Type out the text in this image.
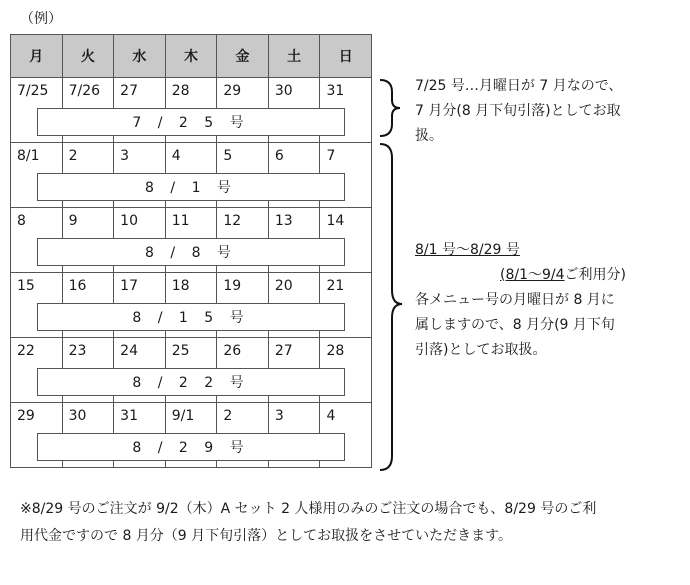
（例）
月	火	水	木	金	土	日

7/25	7/26	27	28	29	30	31
7 / 2 5 号

8/1	2	3	4	5	6	7
8 / 1 号

8	9	10	11	12	13	14
8 / 8 号

15	16	17	18	19	20	21
8 / 1 5 号

22	23	24	25	26	27	28
8 / 2 2 号

29	30	31	9/1	2	3	4
8 / 2 9 号
7/25 号…月曜日が 7 月なので、
7 月分(8 月下旬引落)としてお取
扱。
8/1 号～8/29 号
(8/1～9/4ご利用分)
各メニュー号の月曜日が 8 月に
属しますので、8 月分(9 月下旬
引落)としてお取扱。
※8/29 号のご注文が 9/2（木）A セット 2 人様用のみのご注文の場合でも、8/29 号のご利
用代金ですので 8 月分（9 月下旬引落）としてお取扱をさせていただきます。
